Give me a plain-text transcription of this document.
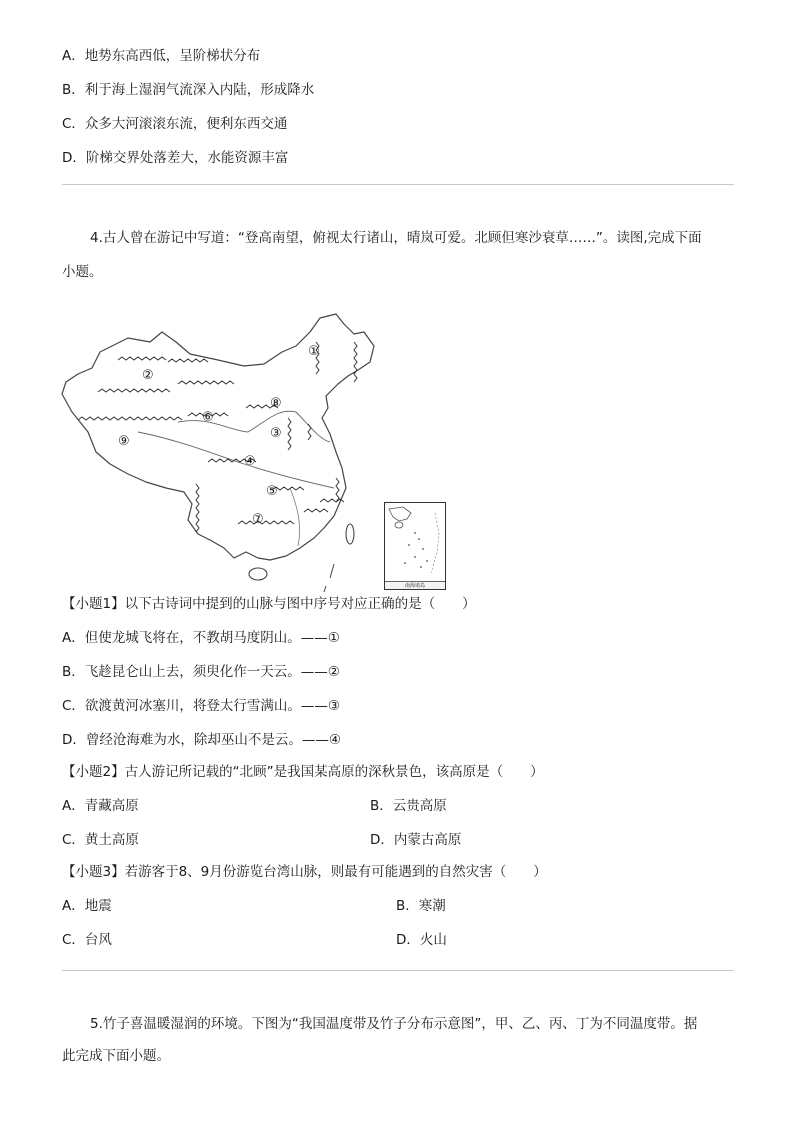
A．地势东高西低，呈阶梯状分布
B．利于海上湿润气流深入内陆，形成降水
C．众多大河滚滚东流，便利东西交通
D．阶梯交界处落差大，水能资源丰富
4.古人曾在游记中写道：“登高南望，俯视太行诸山，晴岚可爱。北顾但寒沙衰草……”。读图,完成下面
小题。
①
②
③
④
⑤
⑥
⑦
⑧
⑨
南海诸岛
【小题1】以下古诗词中提到的山脉与图中序号对应正确的是（　　）
A．但使龙城飞将在，不教胡马度阴山。——①
B．飞趁昆仑山上去，须臾化作一天云。——②
C．欲渡黄河冰塞川，将登太行雪满山。——③
D．曾经沧海难为水，除却巫山不是云。——④
【小题2】古人游记所记载的“北顾”是我国某高原的深秋景色，该高原是（　　）
A．青藏高原	B．云贵高原
C．黄土高原	D．内蒙古高原
【小题3】若游客于8、9月份游览台湾山脉，则最有可能遇到的自然灾害（　　）
A．地震	B．寒潮
C．台风	D．火山
5.竹子喜温暖湿润的环境。下图为“我国温度带及竹子分布示意图”，甲、乙、丙、丁为不同温度带。据
此完成下面小题。
